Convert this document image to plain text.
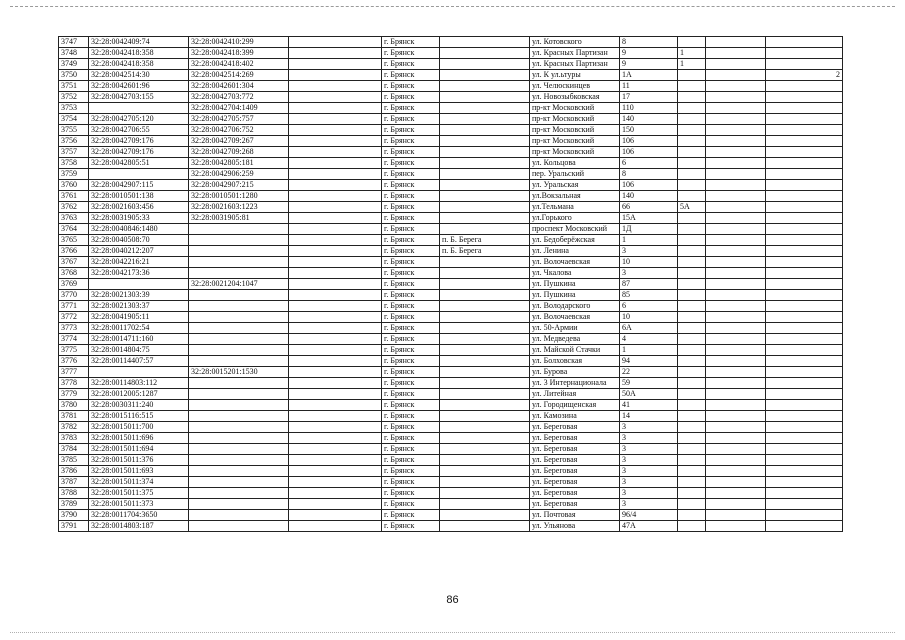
3747	32:28:0042409:74	32:28:0042410:299		г. Брянск		ул. Котовского	8			
3748	32:28:0042418:358	32:28:0042418:399		г. Брянск		ул. Красных Партизан	9	1		
3749	32:28:0042418:358	32:28:0042418:402		г. Брянск		ул. Красных Партизан	9	1		
3750	32:28:0042514:30	32:28:0042514:269		г. Брянск		ул. К ул.ьтуры	1А			2
3751	32:28:0042601:96	32:28:0042601:304		г. Брянск		ул. Челюскинцев	11			
3752	32:28:0042703:155	32:28:0042703:772		г. Брянск		ул. Новозыбковская	17			
3753		32:28:0042704:1409		г. Брянск		пр-кт Московский	110			
3754	32:28:0042705:120	32:28:0042705:757		г. Брянск		пр-кт Московский	140			
3755	32:28:0042706:55	32:28:0042706:752		г. Брянск		пр-кт Московский	150			
3756	32:28:0042709:176	32:28:0042709:267		г. Брянск		пр-кт Московский	106			
3757	32:28:0042709:176	32:28:0042709:268		г. Брянск		пр-кт Московский	106			
3758	32:28:0042805:51	32:28:0042805:181		г. Брянск		ул. Кольцова	6			
3759		32:28:0042906:259		г. Брянск		пер. Уральский	8			
3760	32:28:0042907:115	32:28:0042907:215		г. Брянск		ул. Уральская	106			
3761	32:28:0010501:138	32:28:0010501:1280		г. Брянск		ул.Вокзальная	140			
3762	32:28:0021603:456	32:28:0021603:1223		г. Брянск		ул.Тельмана	66	5А		
3763	32:28:0031905:33	32:28:0031905:81		г. Брянск		ул.Горького	15А			
3764	32:28:0040846:1480			г. Брянск		проспект Московский	1Д			
3765	32:28:0040508:70			г. Брянск	п. Б. Берега	ул. Бедоберёжская	1			
3766	32:28:0040212:207			г. Брянск	п. Б. Берега	ул. Ленина	3			
3767	32:28:0042216:21			г. Брянск		ул. Волочаевская	10			
3768	32:28:0042173:36			г. Брянск		ул. Чкалова	3			
3769		32:28:0021204:1047		г. Брянск		ул. Пушкина	87			
3770	32:28:0021303:39			г. Брянск		ул. Пушкина	85			
3771	32:28:0021303:37			г. Брянск		ул. Володарского	6			
3772	32:28:0041905:11			г. Брянск		ул. Волочаевская	10			
3773	32:28:0011702:54			г. Брянск		ул. 50-Армии	6А			
3774	32:28:0014711:160			г. Брянск		ул. Медведева	4			
3775	32:28:0014804:75			г. Брянск		ул. Майской Стачки	1			
3776	32:28:00114407:57			г. Брянск		ул. Болховская	94			
3777		32:28:0015201:1530		г. Брянск		ул. Бурова	22			
3778	32:28:00114803:112			г. Брянск		ул. 3 Интернационала	59			
3779	32:28:0012005:1287			г. Брянск		ул. Литейная	50А			
3780	32:28:0030311:240			г. Брянск		ул. Городищенская	41			
3781	32:28:0015116:515			г. Брянск		ул. Камозина	14			
3782	32:28:0015011:700			г. Брянск		ул. Береговая	3			
3783	32:28:0015011:696			г. Брянск		ул. Береговая	3			
3784	32:28:0015011:694			г. Брянск		ул. Береговая	3			
3785	32:28:0015011:376			г. Брянск		ул. Береговая	3			
3786	32:28:0015011:693			г. Брянск		ул. Береговая	3			
3787	32:28:0015011:374			г. Брянск		ул. Береговая	3			
3788	32:28:0015011:375			г. Брянск		ул. Береговая	3			
3789	32:28:0015011:373			г. Брянск		ул. Береговая	3			
3790	32:28:0011704:3650			г. Брянск		ул. Почтовая	96/4			
3791	32:28:0014803:187			г. Брянск		ул. Ульянова	47А			
86
